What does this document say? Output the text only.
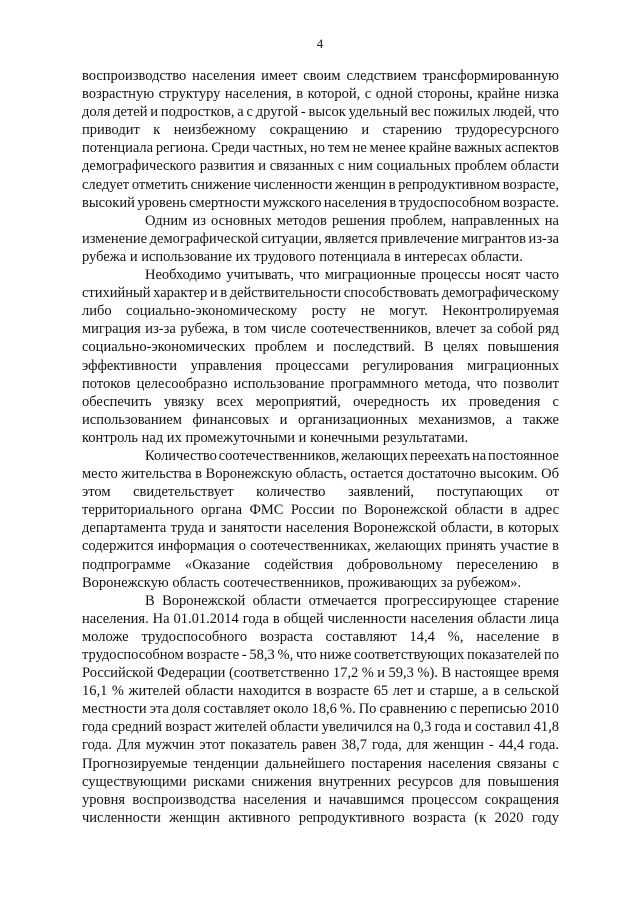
4
воспроизводство населения имеет своим следствием трансформированную
возрастную структуру населения, в которой, с одной стороны, крайне низка
доля детей и подростков, а с другой - высок удельный вес пожилых людей, что
приводит к неизбежному сокращению и старению трудоресурсного
потенциала региона. Среди частных, но тем не менее крайне важных аспектов
демографического развития и связанных с ним социальных проблем области
следует отметить снижение численности женщин в репродуктивном возрасте,
высокий уровень смертности мужского населения в трудоспособном возрасте.
Одним из основных методов решения проблем, направленных на
изменение демографической ситуации, является привлечение мигрантов из-за
рубежа и использование их трудового потенциала в интересах области.
Необходимо учитывать, что миграционные процессы носят часто
стихийный характер и в действительности способствовать демографическому
либо социально-экономическому росту не могут. Неконтролируемая
миграция из-за рубежа, в том числе соотечественников, влечет за собой ряд
социально-экономических проблем и последствий. В целях повышения
эффективности управления процессами регулирования миграционных
потоков целесообразно использование программного метода, что позволит
обеспечить увязку всех мероприятий, очередность их проведения с
использованием финансовых и организационных механизмов, а также
контроль над их промежуточными и конечными результатами.
Количество соотечественников, желающих переехать на постоянное
место жительства в Воронежскую область, остается достаточно высоким. Об
этом свидетельствует количество заявлений, поступающих от
территориального органа ФМС России по Воронежской области в адрес
департамента труда и занятости населения Воронежской области, в которых
содержится информация о соотечественниках, желающих принять участие в
подпрограмме «Оказание содействия добровольному переселению в
Воронежскую область соотечественников, проживающих за рубежом».
В Воронежской области отмечается прогрессирующее старение
населения. На 01.01.2014 года в общей численности населения области лица
моложе трудоспособного возраста составляют 14,4 %, население в
трудоспособном возрасте - 58,3 %, что ниже соответствующих показателей по
Российской Федерации (соответственно 17,2 % и 59,3 %). В настоящее время
16,1 % жителей области находится в возрасте 65 лет и старше, а в сельской
местности эта доля составляет около 18,6 %. По сравнению с переписью 2010
года средний возраст жителей области увеличился на 0,3 года и составил 41,8
года. Для мужчин этот показатель равен 38,7 года, для женщин - 44,4 года.
Прогнозируемые тенденции дальнейшего постарения населения связаны с
существующими рисками снижения внутренних ресурсов для повышения
уровня воспроизводства населения и начавшимся процессом сокращения
численности женщин активного репродуктивного возраста (к 2020 году
